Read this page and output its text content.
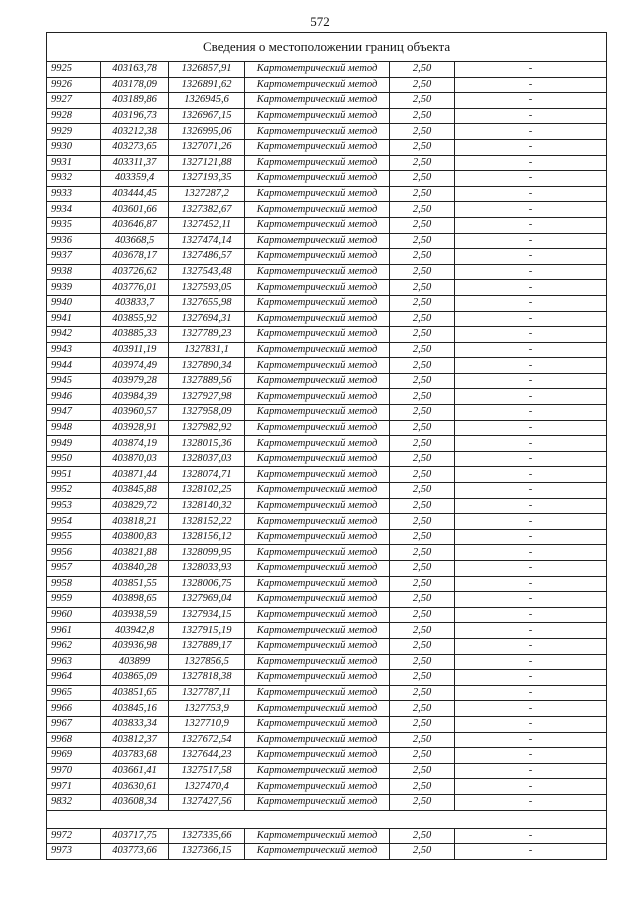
572
Сведения о местоположении границ объекта					
9925	403163,78	1326857,91	Картометрический метод	2,50	-
9926	403178,09	1326891,62	Картометрический метод	2,50	-
9927	403189,86	1326945,6	Картометрический метод	2,50	-
9928	403196,73	1326967,15	Картометрический метод	2,50	-
9929	403212,38	1326995,06	Картометрический метод	2,50	-
9930	403273,65	1327071,26	Картометрический метод	2,50	-
9931	403311,37	1327121,88	Картометрический метод	2,50	-
9932	403359,4	1327193,35	Картометрический метод	2,50	-
9933	403444,45	1327287,2	Картометрический метод	2,50	-
9934	403601,66	1327382,67	Картометрический метод	2,50	-
9935	403646,87	1327452,11	Картометрический метод	2,50	-
9936	403668,5	1327474,14	Картометрический метод	2,50	-
9937	403678,17	1327486,57	Картометрический метод	2,50	-
9938	403726,62	1327543,48	Картометрический метод	2,50	-
9939	403776,01	1327593,05	Картометрический метод	2,50	-
9940	403833,7	1327655,98	Картометрический метод	2,50	-
9941	403855,92	1327694,31	Картометрический метод	2,50	-
9942	403885,33	1327789,23	Картометрический метод	2,50	-
9943	403911,19	1327831,1	Картометрический метод	2,50	-
9944	403974,49	1327890,34	Картометрический метод	2,50	-
9945	403979,28	1327889,56	Картометрический метод	2,50	-
9946	403984,39	1327927,98	Картометрический метод	2,50	-
9947	403960,57	1327958,09	Картометрический метод	2,50	-
9948	403928,91	1327982,92	Картометрический метод	2,50	-
9949	403874,19	1328015,36	Картометрический метод	2,50	-
9950	403870,03	1328037,03	Картометрический метод	2,50	-
9951	403871,44	1328074,71	Картометрический метод	2,50	-
9952	403845,88	1328102,25	Картометрический метод	2,50	-
9953	403829,72	1328140,32	Картометрический метод	2,50	-
9954	403818,21	1328152,22	Картометрический метод	2,50	-
9955	403800,83	1328156,12	Картометрический метод	2,50	-
9956	403821,88	1328099,95	Картометрический метод	2,50	-
9957	403840,28	1328033,93	Картометрический метод	2,50	-
9958	403851,55	1328006,75	Картометрический метод	2,50	-
9959	403898,65	1327969,04	Картометрический метод	2,50	-
9960	403938,59	1327934,15	Картометрический метод	2,50	-
9961	403942,8	1327915,19	Картометрический метод	2,50	-
9962	403936,98	1327889,17	Картометрический метод	2,50	-
9963	403899	1327856,5	Картометрический метод	2,50	-
9964	403865,09	1327818,38	Картометрический метод	2,50	-
9965	403851,65	1327787,11	Картометрический метод	2,50	-
9966	403845,16	1327753,9	Картометрический метод	2,50	-
9967	403833,34	1327710,9	Картометрический метод	2,50	-
9968	403812,37	1327672,54	Картометрический метод	2,50	-
9969	403783,68	1327644,23	Картометрический метод	2,50	-
9970	403661,41	1327517,58	Картометрический метод	2,50	-
9971	403630,61	1327470,4	Картометрический метод	2,50	-
9832	403608,34	1327427,56	Картометрический метод	2,50	-

9972	403717,75	1327335,66	Картометрический метод	2,50	-
9973	403773,66	1327366,15	Картометрический метод	2,50	-
